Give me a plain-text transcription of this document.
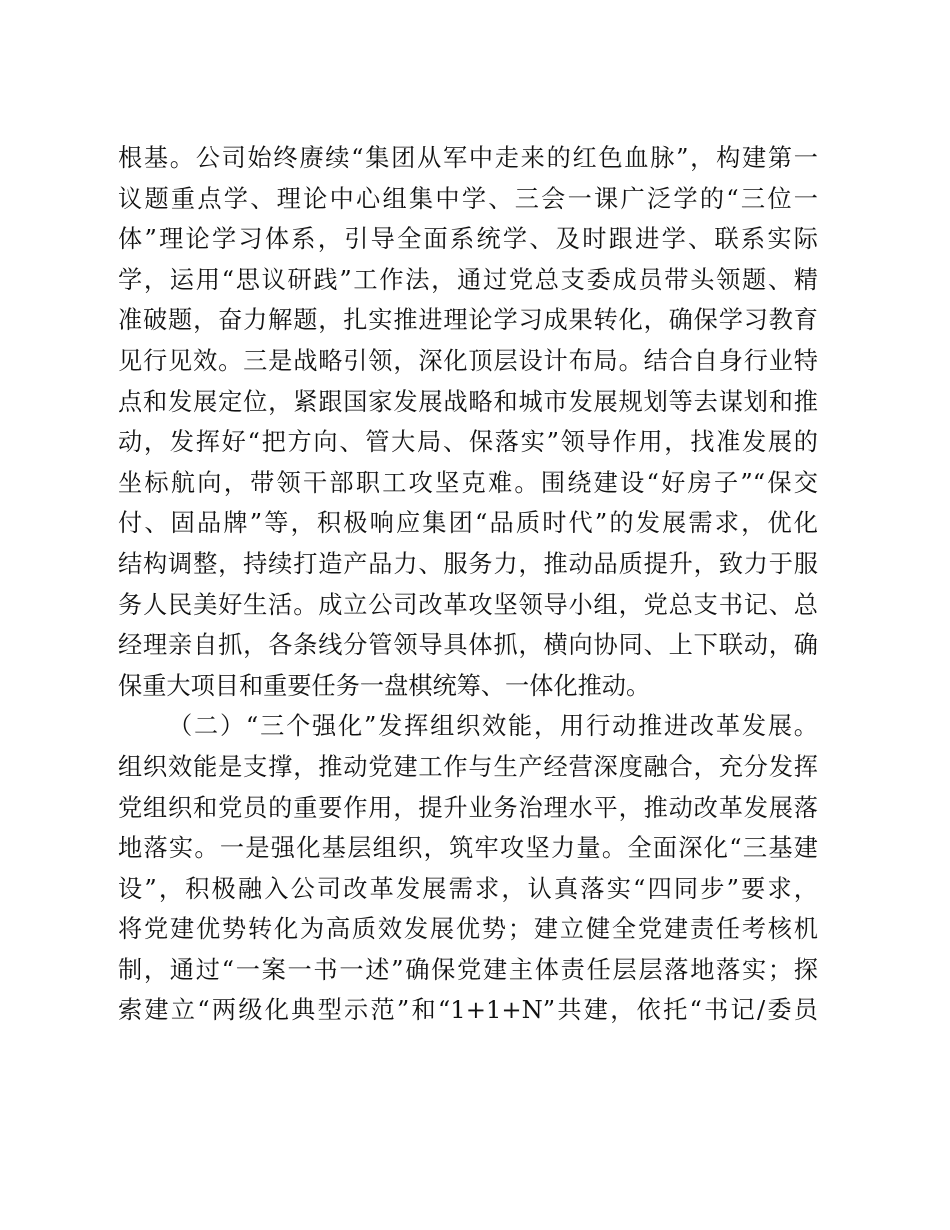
根基。公司始终赓续“集团从军中走来的红色血脉”，构建第一
议题重点学、理论中心组集中学、三会一课广泛学的“三位一
体”理论学习体系，引导全面系统学、及时跟进学、联系实际
学，运用“思议研践”工作法，通过党总支委成员带头领题、精
准破题，奋力解题，扎实推进理论学习成果转化，确保学习教育
见行见效。三是战略引领，深化顶层设计布局。结合自身行业特
点和发展定位，紧跟国家发展战略和城市发展规划等去谋划和推
动，发挥好“把方向、管大局、保落实”领导作用，找准发展的
坐标航向，带领干部职工攻坚克难。围绕建设“好房子”“保交
付、固品牌”等，积极响应集团“品质时代”的发展需求，优化
结构调整，持续打造产品力、服务力，推动品质提升，致力于服
务人民美好生活。成立公司改革攻坚领导小组，党总支书记、总
经理亲自抓，各条线分管领导具体抓，横向协同、上下联动，确
保重大项目和重要任务一盘棋统筹、一体化推动。
（二）“三个强化”发挥组织效能，用行动推进改革发展。
组织效能是支撑，推动党建工作与生产经营深度融合，充分发挥
党组织和党员的重要作用，提升业务治理水平，推动改革发展落
地落实。一是强化基层组织，筑牢攻坚力量。全面深化“三基建
设”，积极融入公司改革发展需求，认真落实“四同步”要求，
将党建优势转化为高质效发展优势；建立健全党建责任考核机
制，通过“一案一书一述”确保党建主体责任层层落地落实；探
索建立“两级化典型示范”和“1+1+N”共建，依托“书记/委员
